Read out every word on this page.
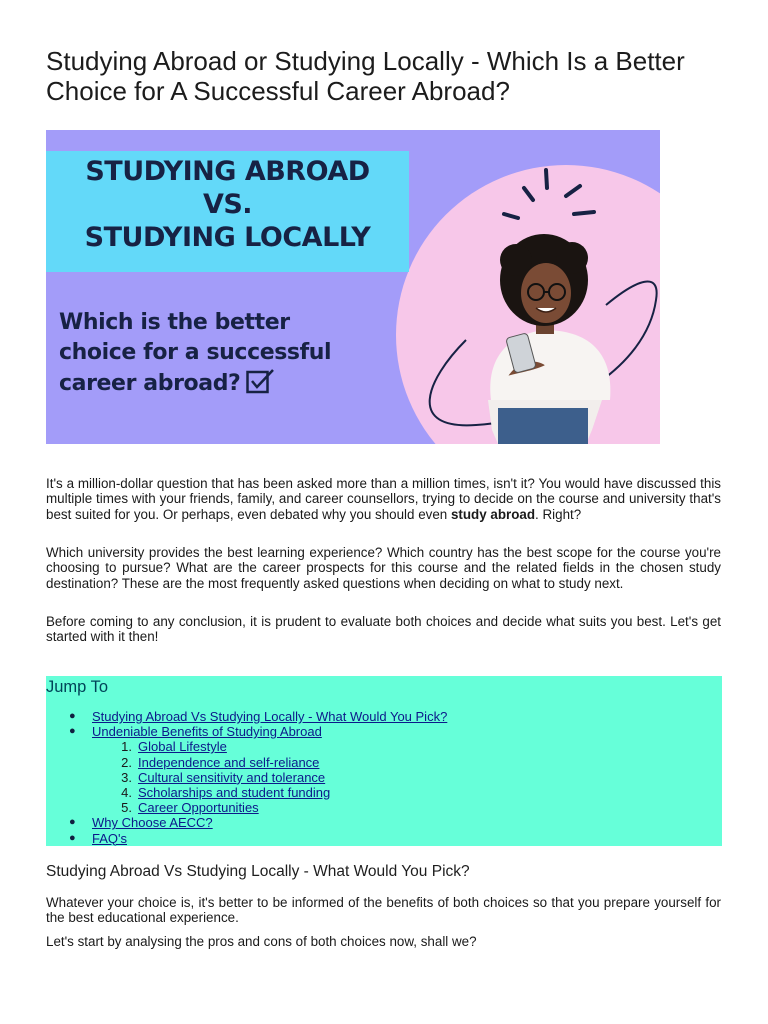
Studying Abroad or Studying Locally - Which Is a Better Choice for A Successful Career Abroad?
STUDYING ABROAD
VS.
STUDYING LOCALLY
Which is the better
choice for a successful
career abroad?

It's a million-dollar question that has been asked more than a million times, isn't it? You would have discussed this multiple times with your friends, family, and career counsellors, trying to decide on the course and university that's best suited for you. Or perhaps, even debated why you should even study abroad. Right?

Which university provides the best learning experience? Which country has the best scope for the course you're choosing to pursue? What are the career prospects for this course and the related fields in the chosen study destination? These are the most frequently asked questions when deciding on what to study next.

Before coming to any conclusion, it is prudent to evaluate both choices and decide what suits you best. Let's get started with it then!

Jump To
● Studying Abroad Vs Studying Locally - What Would You Pick?
● Undeniable Benefits of Studying Abroad
1. Global Lifestyle
2. Independence and self-reliance
3. Cultural sensitivity and tolerance
4. Scholarships and student funding
5. Career Opportunities
● Why Choose AECC?
● FAQ's
Studying Abroad Vs Studying Locally - What Would You Pick?

Whatever your choice is, it's better to be informed of the benefits of both choices so that you prepare yourself for the best educational experience.

Let's start by analysing the pros and cons of both choices now, shall we?
